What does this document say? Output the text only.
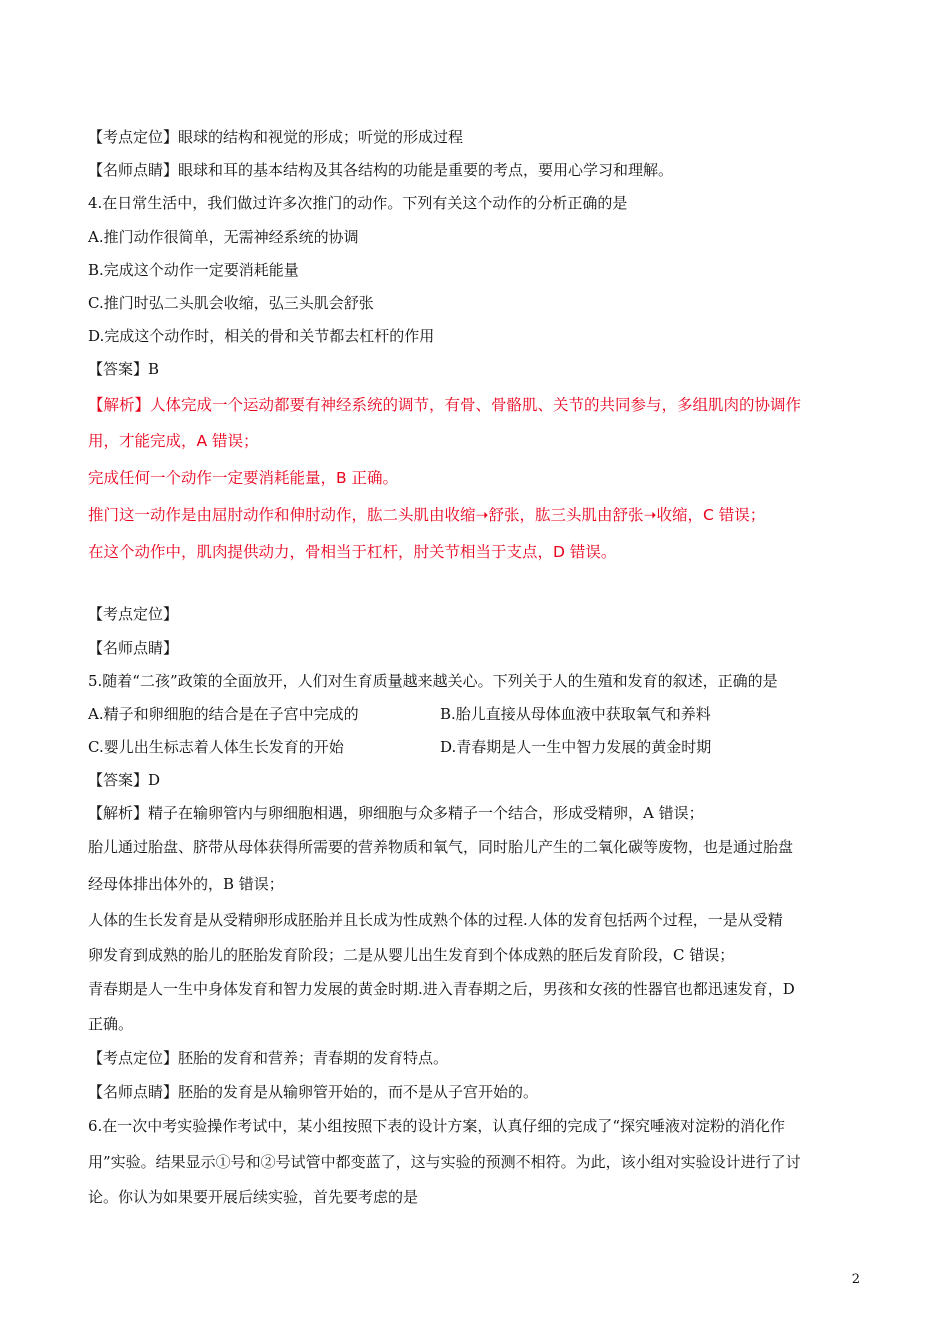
【考点定位】眼球的结构和视觉的形成；听觉的形成过程
【名师点睛】眼球和耳的基本结构及其各结构的功能是重要的考点，要用心学习和理解。
4.在日常生活中，我们做过许多次推门的动作。下列有关这个动作的分析正确的是
A.推门动作很简单，无需神经系统的协调
B.完成这个动作一定要消耗能量
C.推门时弘二头肌会收缩，弘三头肌会舒张
D.完成这个动作时，相关的骨和关节都去杠杆的作用
【答案】B
【解析】人体完成一个运动都要有神经系统的调节，有骨、骨骼肌、关节的共同参与，多组肌肉的协调作
用，才能完成，A 错误；
完成任何一个动作一定要消耗能量，B 正确。
推门这一动作是由屈肘动作和伸肘动作，肱二头肌由收缩➝舒张，肱三头肌由舒张➝收缩，C 错误；
在这个动作中，肌肉提供动力，骨相当于杠杆，肘关节相当于支点，D 错误。
【考点定位】
【名师点睛】
5.随着“二孩”政策的全面放开，人们对生育质量越来越关心。下列关于人的生殖和发育的叙述，正确的是
A.精子和卵细胞的结合是在子宫中完成的	B.胎儿直接从母体血液中获取氧气和养料
C.婴儿出生标志着人体生长发育的开始	D.青春期是人一生中智力发展的黄金时期
【答案】D
【解析】精子在输卵管内与卵细胞相遇，卵细胞与众多精子一个结合，形成受精卵，A 错误；
胎儿通过胎盘、脐带从母体获得所需要的营养物质和氧气，同时胎儿产生的二氧化碳等废物，也是通过胎盘
经母体排出体外的，B 错误；
人体的生长发育是从受精卵形成胚胎并且长成为性成熟个体的过程.人体的发育包括两个过程，一是从受精
卵发育到成熟的胎儿的胚胎发育阶段；二是从婴儿出生发育到个体成熟的胚后发育阶段，C 错误；
青春期是人一生中身体发育和智力发展的黄金时期.进入青春期之后，男孩和女孩的性器官也都迅速发育，D
正确。
【考点定位】胚胎的发育和营养；青春期的发育特点。
【名师点睛】胚胎的发育是从输卵管开始的，而不是从子宫开始的。
6.在一次中考实验操作考试中，某小组按照下表的设计方案，认真仔细的完成了“探究唾液对淀粉的消化作
用”实验。结果显示①号和②号试管中都变蓝了，这与实验的预测不相符。为此，该小组对实验设计进行了讨
论。你认为如果要开展后续实验，首先要考虑的是
2
